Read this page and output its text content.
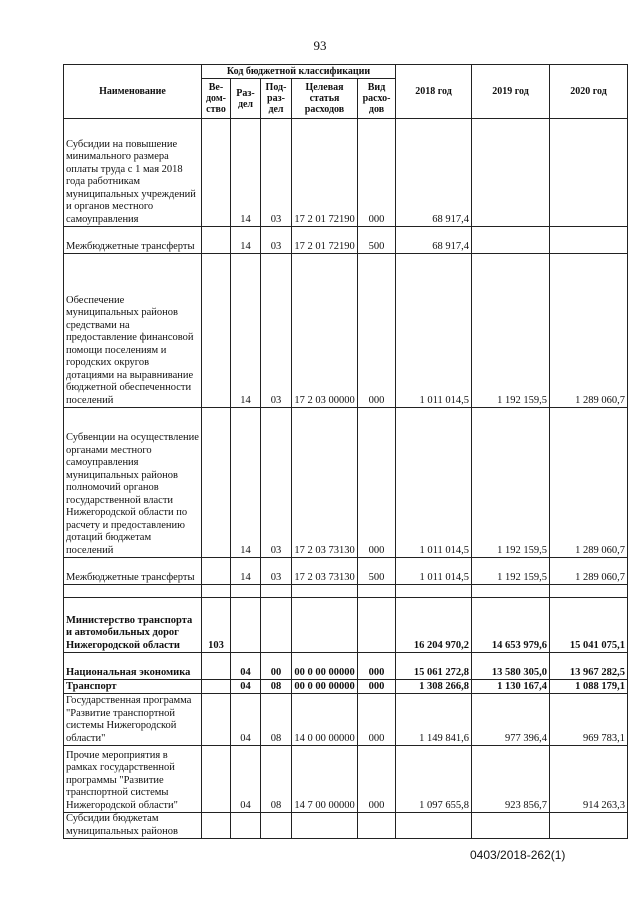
93
Наименование	Код бюджетной классификации					2018 год	2019 год	2020 год
	Ве-дом-ство	Раз-дел	Под-раз-дел	Целевая статья расходов	Вид расхо-дов			
Субсидии на повышение минимального размера оплаты труда с 1 мая 2018 года работникам муниципальных учреждений и органов местного самоуправления		14	03	17 2 01 72190	000	68 917,4		
Межбюджетные трансферты		14	03	17 2 01 72190	500	68 917,4		
Обеспечение муниципальных районов средствами на предоставление финансовой помощи поселениям и городских округов дотациями на выравнивание бюджетной обеспеченности поселений		14	03	17 2 03 00000	000	1 011 014,5	1 192 159,5	1 289 060,7
Субвенции на осуществление органами местного самоуправления муниципальных районов полномочий органов государственной власти Нижегородской области по расчету и предоставлению дотаций бюджетам поселений		14	03	17 2 03 73130	000	1 011 014,5	1 192 159,5	1 289 060,7
Межбюджетные трансферты		14	03	17 2 03 73130	500	1 011 014,5	1 192 159,5	1 289 060,7

Министерство транспорта и автомобильных дорог Нижегородской области	103					16 204 970,2	14 653 979,6	15 041 075,1
Национальная экономика		04	00	00 0 00 00000	000	15 061 272,8	13 580 305,0	13 967 282,5
Транспорт		04	08	00 0 00 00000	000	1 308 266,8	1 130 167,4	1 088 179,1
Государственная программа "Развитие транспортной системы Нижегородской области"		04	08	14 0 00 00000	000	1 149 841,6	977 396,4	969 783,1
Прочие мероприятия в рамках государственной программы "Развитие транспортной системы Нижегородской области"		04	08	14 7 00 00000	000	1 097 655,8	923 856,7	914 263,3
Субсидии бюджетам муниципальных районов								
0403/2018-262(1)
